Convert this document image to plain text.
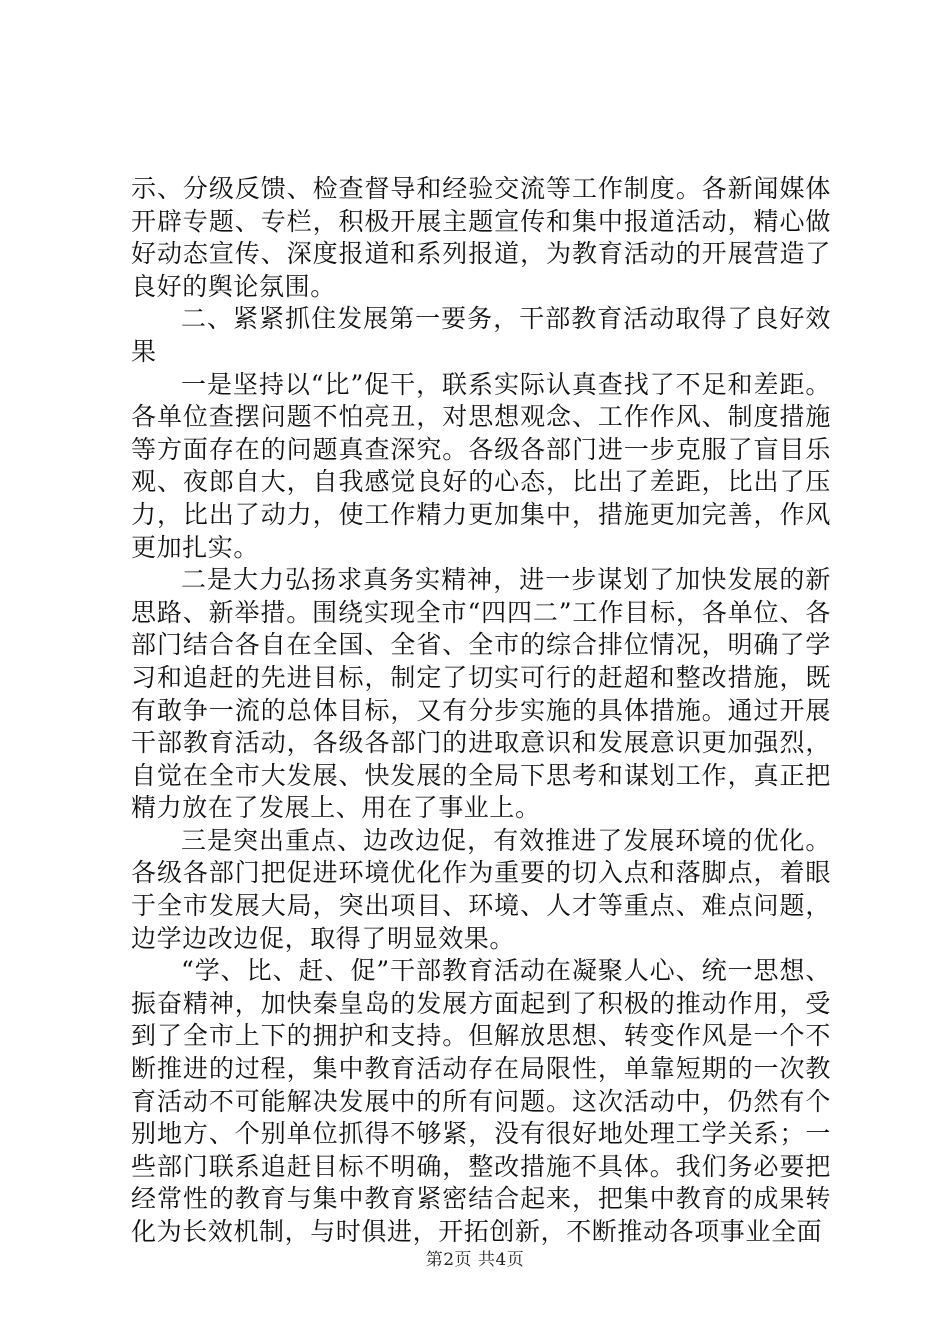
示、分级反馈、检查督导和经验交流等工作制度。各新闻媒体开辟专题、专栏，积极开展主题宣传和集中报道活动，精心做好动态宣传、深度报道和系列报道，为教育活动的开展营造了良好的舆论氛围。

二、紧紧抓住发展第一要务，干部教育活动取得了良好效果

一是坚持以“比”促干，联系实际认真查找了不足和差距。各单位查摆问题不怕亮丑，对思想观念、工作作风、制度措施等方面存在的问题真查深究。各级各部门进一步克服了盲目乐观、夜郎自大，自我感觉良好的心态，比出了差距，比出了压力，比出了动力，使工作精力更加集中，措施更加完善，作风更加扎实。

二是大力弘扬求真务实精神，进一步谋划了加快发展的新思路、新举措。围绕实现全市“四四二”工作目标，各单位、各部门结合各自在全国、全省、全市的综合排位情况，明确了学习和追赶的先进目标，制定了切实可行的赶超和整改措施，既有敢争一流的总体目标，又有分步实施的具体措施。通过开展干部教育活动，各级各部门的进取意识和发展意识更加强烈，自觉在全市大发展、快发展的全局下思考和谋划工作，真正把精力放在了发展上、用在了事业上。

三是突出重点、边改边促，有效推进了发展环境的优化。各级各部门把促进环境优化作为重要的切入点和落脚点，着眼于全市发展大局，突出项目、环境、人才等重点、难点问题，边学边改边促，取得了明显效果。

“学、比、赶、促”干部教育活动在凝聚人心、统一思想、振奋精神，加快秦皇岛的发展方面起到了积极的推动作用，受到了全市上下的拥护和支持。但解放思想、转变作风是一个不断推进的过程，集中教育活动存在局限性，单靠短期的一次教育活动不可能解决发展中的所有问题。这次活动中，仍然有个别地方、个别单位抓得不够紧，没有很好地处理工学关系；一些部门联系追赶目标不明确，整改措施不具体。我们务必要把经常性的教育与集中教育紧密结合起来，把集中教育的成果转化为长效机制，与时俱进，开拓创新，不断推动各项事业全面

第2页 共4页
